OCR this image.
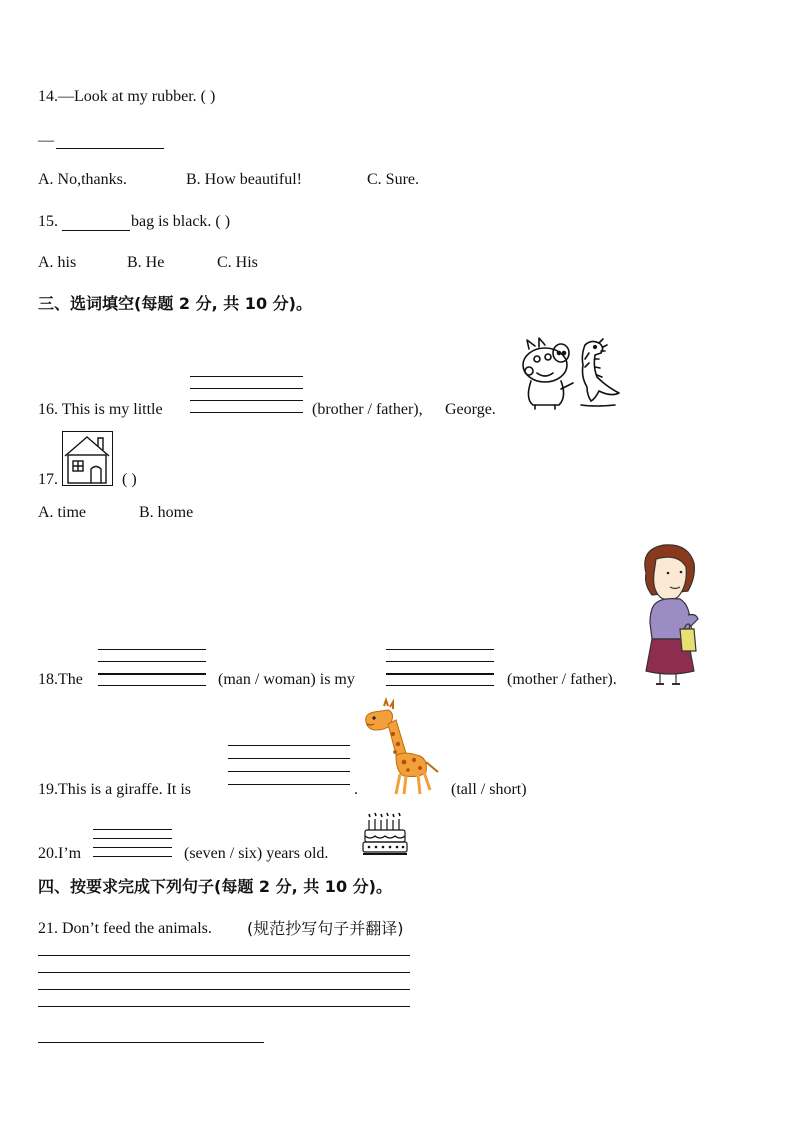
14.—Look at my rubber. ( )
—
A. No,thanks.	B. How beautiful!	C. Sure.
15.	bag is black. ( )
A. his	B. He	C. His
三、选词填空(每题 2 分, 共 10 分)。
16. This is my little	(brother / father), George.
17.	( )
A. time	B. home
18.The	(man / woman) is my	(mother / father).
19.This is a giraffe. It is	.	(tall / short)
20.I’m	(seven / six) years old.
四、按要求完成下列句子(每题 2 分, 共 10 分)。
21. Don’t feed the animals. (规范抄写句子并翻译)
